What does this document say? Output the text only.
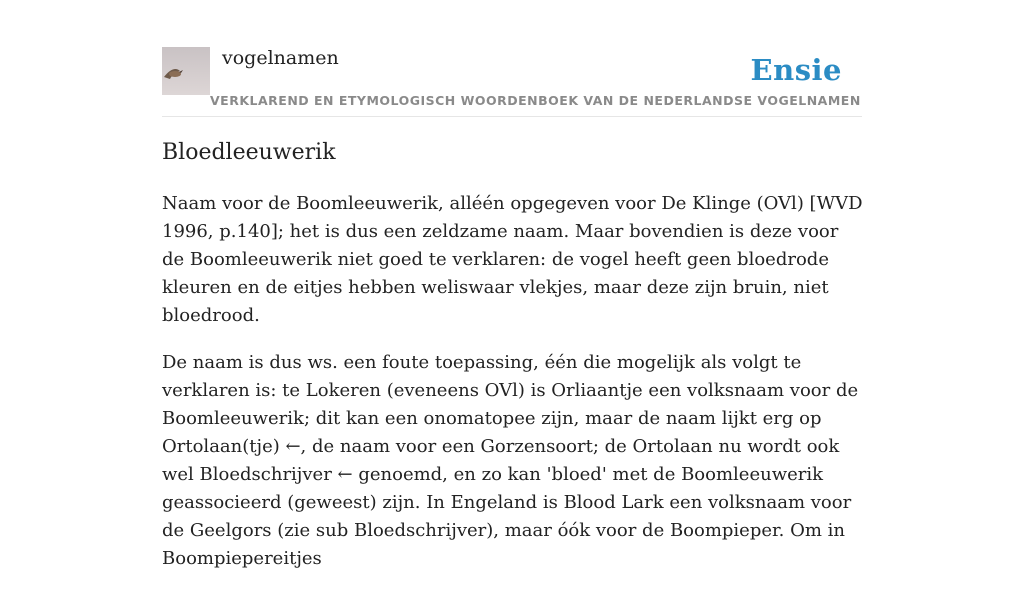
vogelnamen	Ensie
VERKLAREND EN ETYMOLOGISCH WOORDENBOEK VAN DE NEDERLANDSE VOGELNAMEN
Bloedleeuwerik

Naam voor de Boomleeuwerik, alléén opgegeven voor De Klinge (OVl) [WVD 1996, p.140]; het is dus een zeldzame naam. Maar bovendien is deze voor de Boomleeuwerik niet goed te verklaren: de vogel heeft geen bloedrode kleuren en de eitjes hebben weliswaar vlekjes, maar deze zijn bruin, niet bloedrood.

De naam is dus ws. een foute toepassing, één die mogelijk als volgt te verklaren is: te Lokeren (eveneens OVl) is Orliaantje een volksnaam voor de Boomleeuwerik; dit kan een onomatopee zijn, maar de naam lijkt erg op Ortolaan(tje) ←, de naam voor een Gorzensoort; de Ortolaan nu wordt ook wel Bloedschrijver ← genoemd, en zo kan 'bloed' met de Boomleeuwerik geassocieerd (geweest) zijn. In Engeland is Blood Lark een volksnaam voor de Geelgors (zie sub Bloedschrijver), maar óók voor de Boompieper. Om in Boompiepereitjes
